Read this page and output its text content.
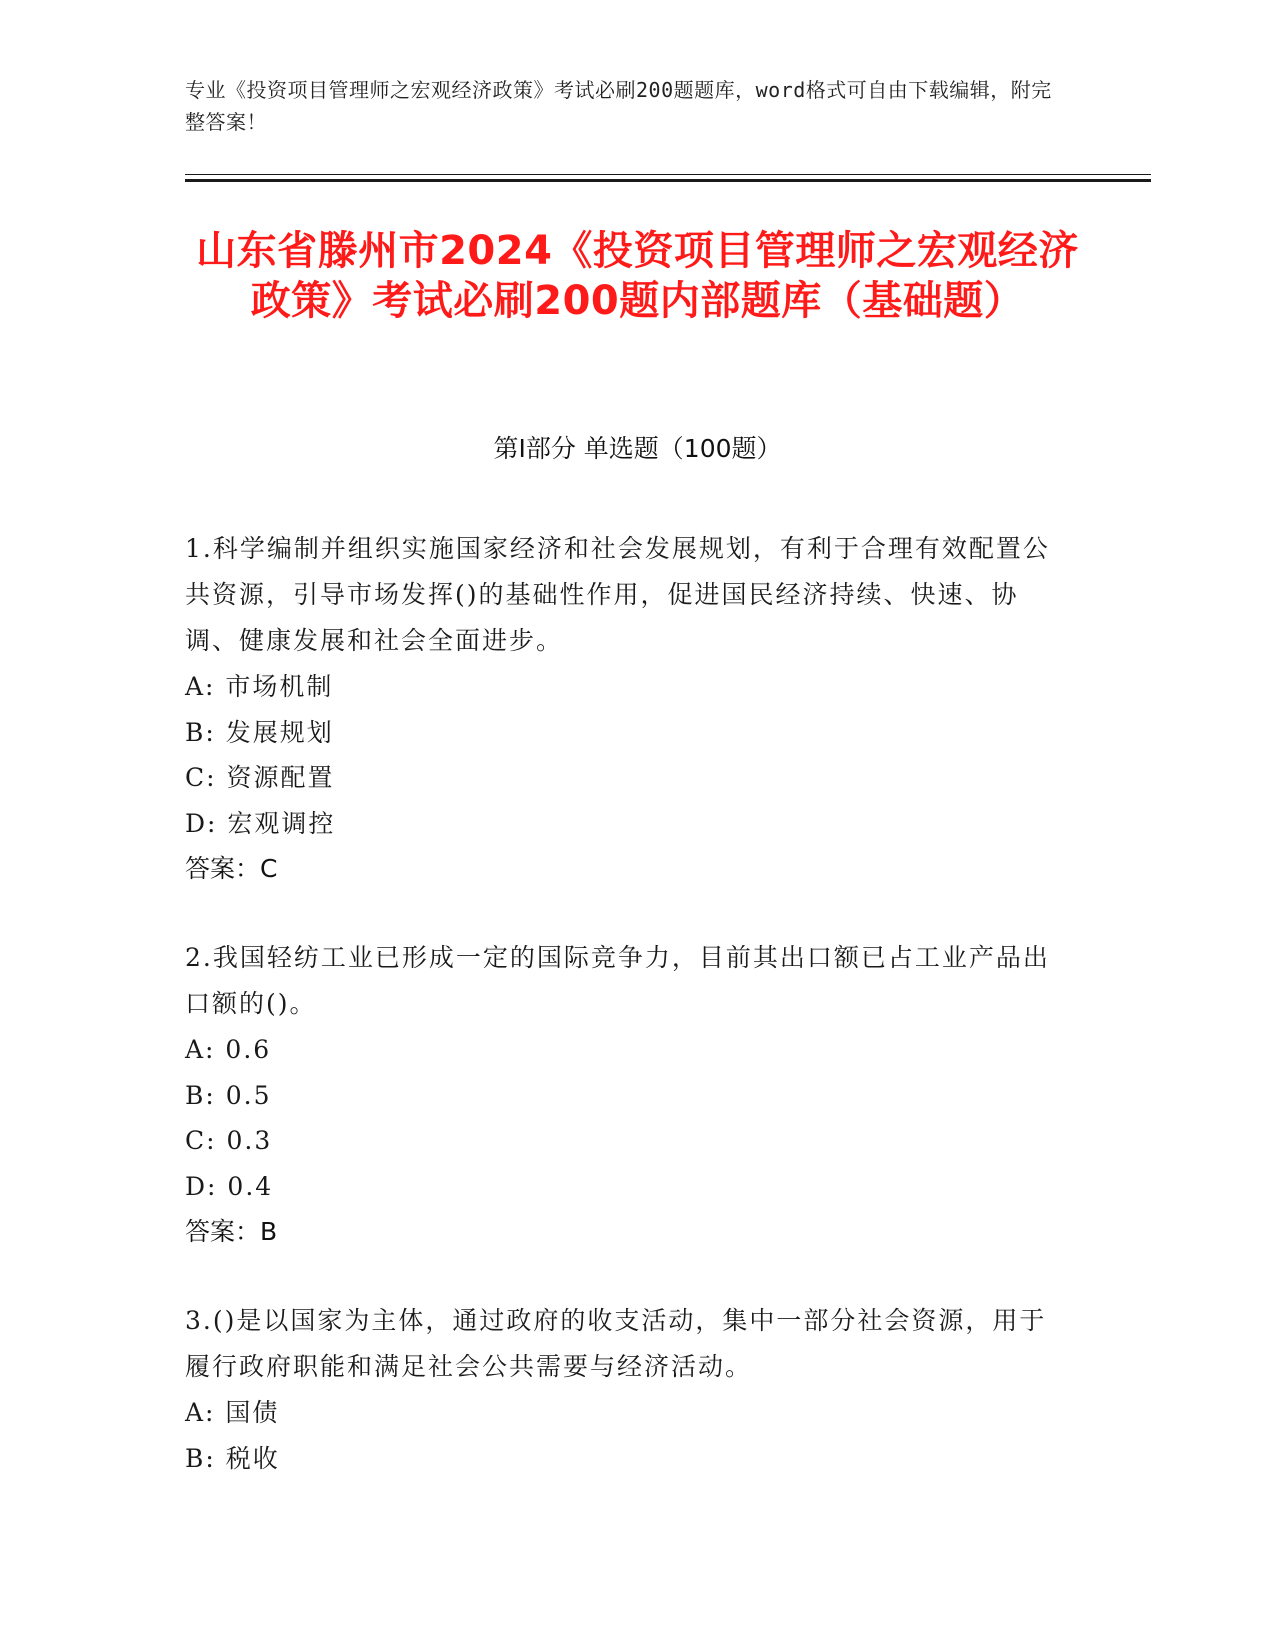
专业《投资项目管理师之宏观经济政策》考试必刷200题题库，word格式可自由下载编辑，附完整答案！
山东省滕州市2024《投资项目管理师之宏观经济政策》考试必刷200题内部题库（基础题）
第I部分 单选题（100题）
1.科学编制并组织实施国家经济和社会发展规划，有利于合理有效配置公共资源，引导市场发挥()的基础性作用，促进国民经济持续、快速、协调、健康发展和社会全面进步。
A: 市场机制
B: 发展规划
C: 资源配置
D: 宏观调控
答案：C
2.我国轻纺工业已形成一定的国际竞争力，目前其出口额已占工业产品出口额的()。
A: 0.6
B: 0.5
C: 0.3
D: 0.4
答案：B
3.()是以国家为主体，通过政府的收支活动，集中一部分社会资源，用于履行政府职能和满足社会公共需要与经济活动。
A: 国债
B: 税收
